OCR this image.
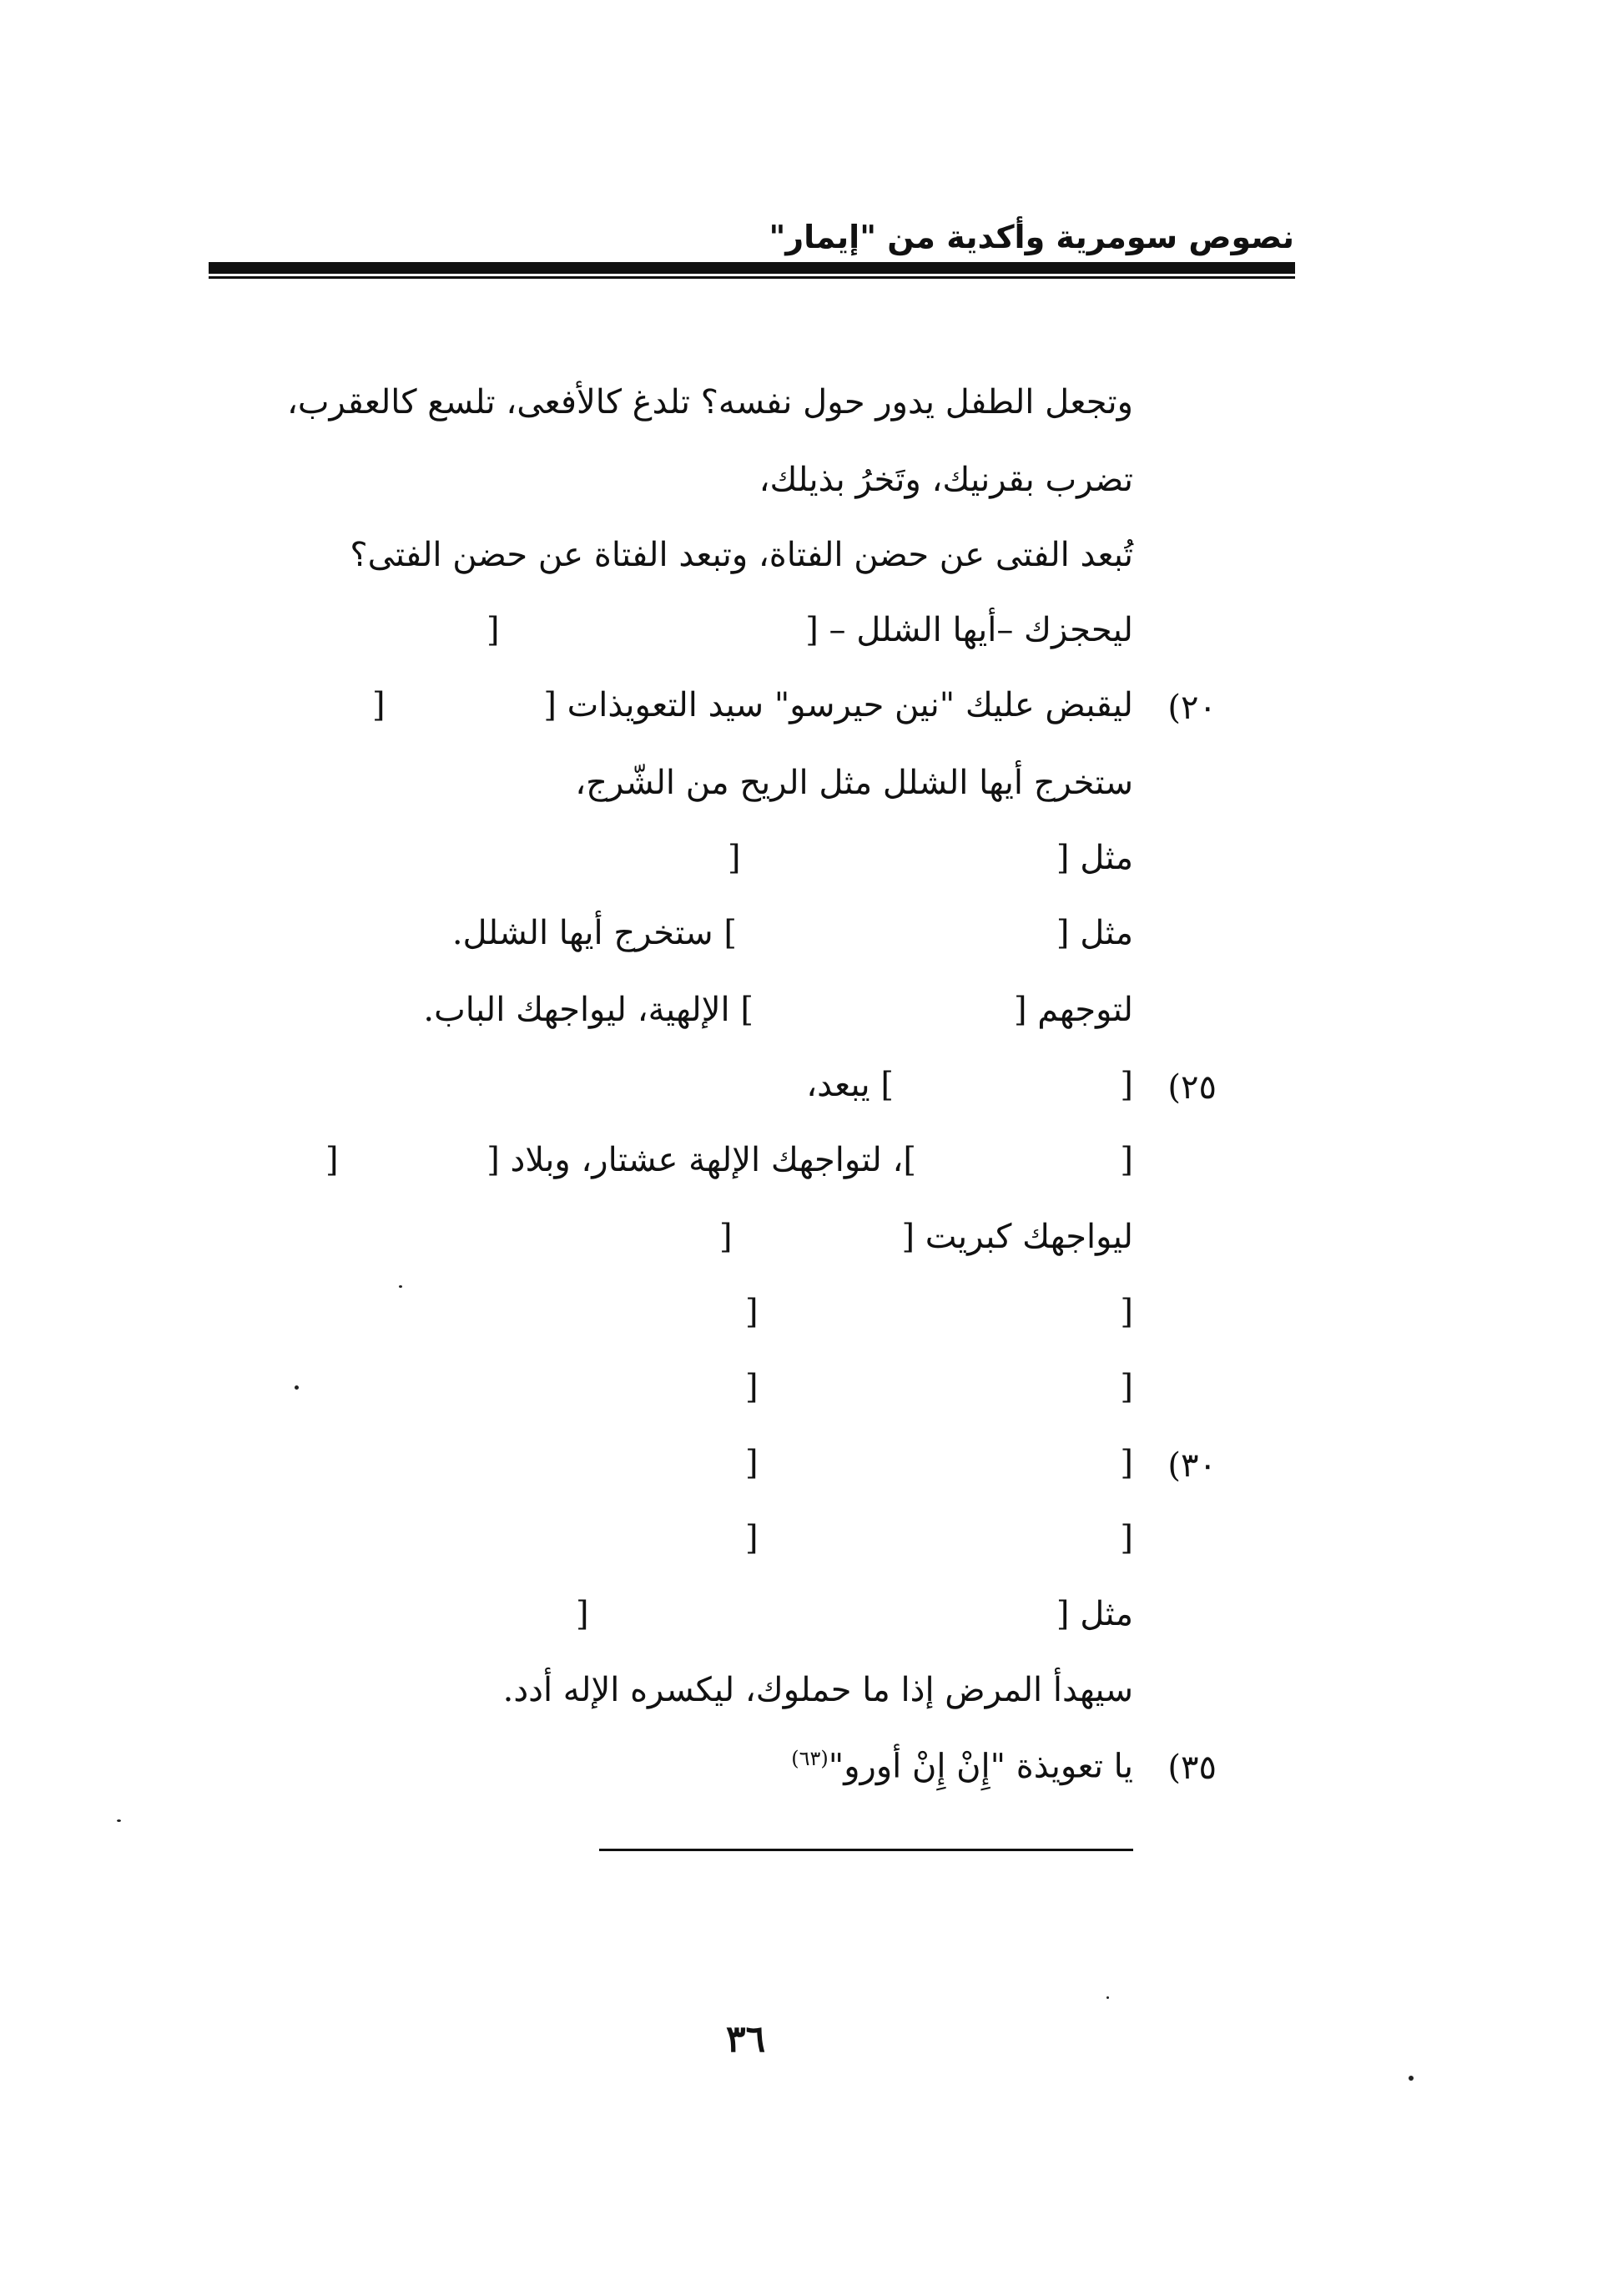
نصوص سومرية وأكدية من "إيمار"
وتجعل الطفل يدور حول نفسه؟ تلدغ كالأفعى، تلسع كالعقرب،
تضرب بقرنيك، وتَخرُ بذيلك،
تُبعد الفتى عن حضن الفتاة، وتبعد الفتاة عن حضن الفتى؟
ليحجزك –أيها الشلل – [
]
٢٠)
ليقبض عليك "نين حيرسو" سيد التعويذات [
]
ستخرج أيها الشلل مثل الريح من الشّرج،
مثل [
]
مثل [
] ستخرج أيها الشلل.
لتوجهم [
] الإلهية، ليواجهك الباب.
٢٥)
[
] يبعد،
[
]، لتواجهك الإلهة عشتار، وبلاد [
]
ليواجهك كبريت [
]
[
]
[
]
٣٠)
[
]
[
]
مثل [
]
سيهدأ المرض إذا ما حملوك، ليكسره الإله أدد.
٣٥)
يا تعويذة "إِنْ إِنْ أورو"$^{(٦٣)}$
٣٦
